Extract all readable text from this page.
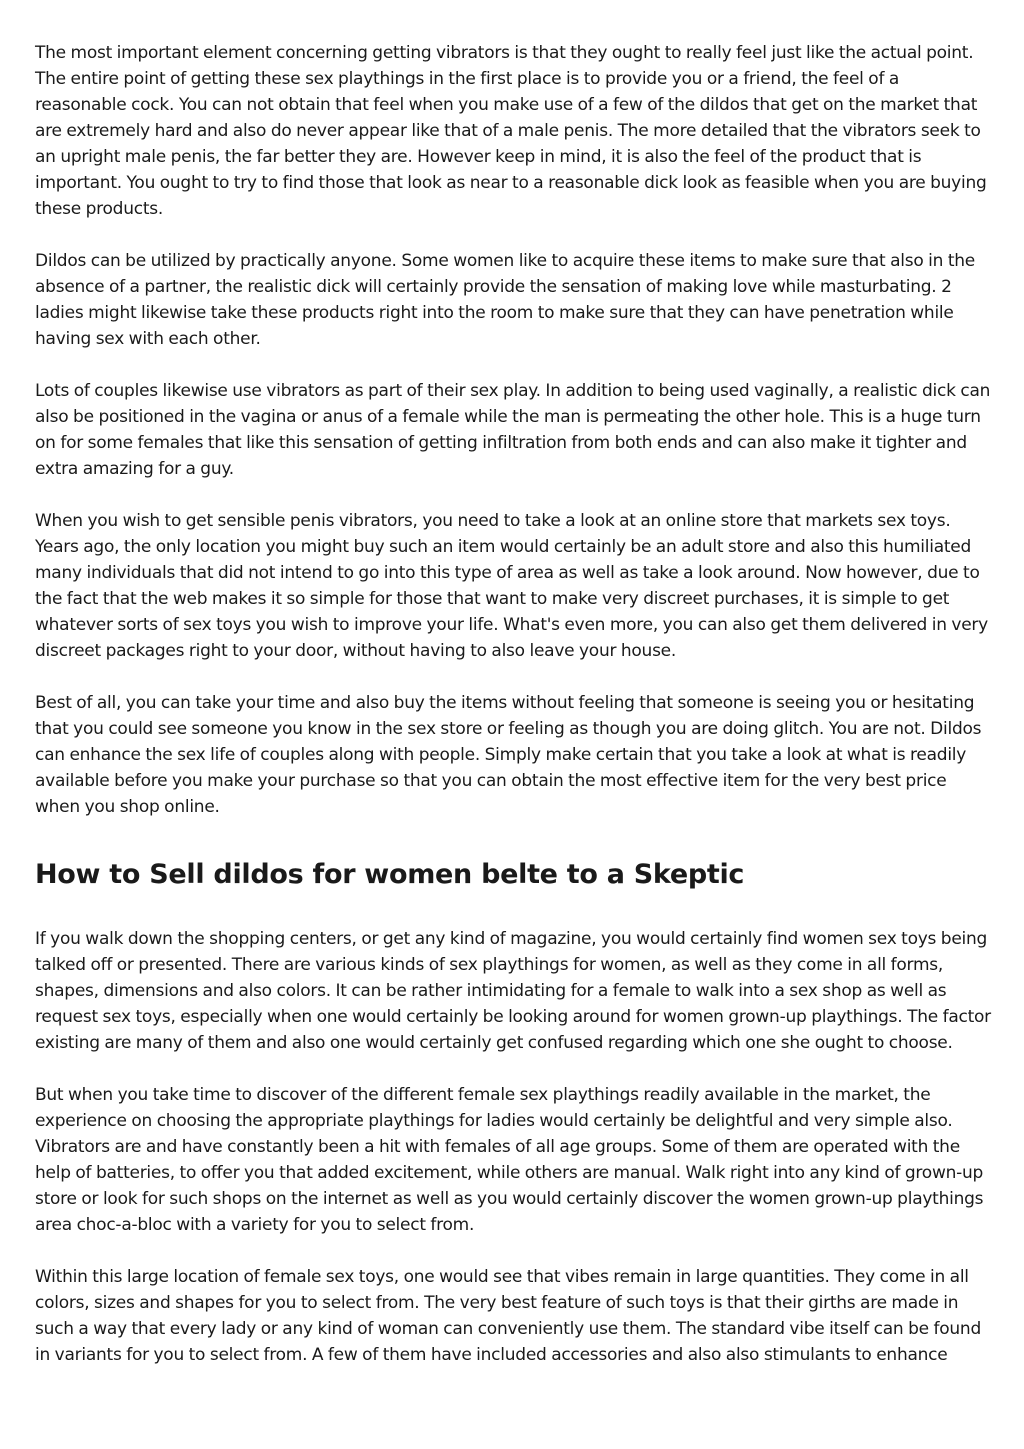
The most important element concerning getting vibrators is that they ought to really feel just like the actual point. The entire point of getting these sex playthings in the first place is to provide you or a friend, the feel of a reasonable cock. You can not obtain that feel when you make use of a few of the dildos that get on the market that are extremely hard and also do never appear like that of a male penis. The more detailed that the vibrators seek to an upright male penis, the far better they are. However keep in mind, it is also the feel of the product that is important. You ought to try to find those that look as near to a reasonable dick look as feasible when you are buying these products.

Dildos can be utilized by practically anyone. Some women like to acquire these items to make sure that also in the absence of a partner, the realistic dick will certainly provide the sensation of making love while masturbating. 2 ladies might likewise take these products right into the room to make sure that they can have penetration while having sex with each other.

Lots of couples likewise use vibrators as part of their sex play. In addition to being used vaginally, a realistic dick can also be positioned in the vagina or anus of a female while the man is permeating the other hole. This is a huge turn on for some females that like this sensation of getting infiltration from both ends and can also make it tighter and extra amazing for a guy.

When you wish to get sensible penis vibrators, you need to take a look at an online store that markets sex toys. Years ago, the only location you might buy such an item would certainly be an adult store and also this humiliated many individuals that did not intend to go into this type of area as well as take a look around. Now however, due to the fact that the web makes it so simple for those that want to make very discreet purchases, it is simple to get whatever sorts of sex toys you wish to improve your life. What's even more, you can also get them delivered in very discreet packages right to your door, without having to also leave your house.

Best of all, you can take your time and also buy the items without feeling that someone is seeing you or hesitating that you could see someone you know in the sex store or feeling as though you are doing glitch. You are not. Dildos can enhance the sex life of couples along with people. Simply make certain that you take a look at what is readily available before you make your purchase so that you can obtain the most effective item for the very best price when you shop online.

How to Sell dildos for women belte to a Skeptic

If you walk down the shopping centers, or get any kind of magazine, you would certainly find women sex toys being talked off or presented. There are various kinds of sex playthings for women, as well as they come in all forms, shapes, dimensions and also colors. It can be rather intimidating for a female to walk into a sex shop as well as request sex toys, especially when one would certainly be looking around for women grown-up playthings. The factor existing are many of them and also one would certainly get confused regarding which one she ought to choose.

But when you take time to discover of the different female sex playthings readily available in the market, the experience on choosing the appropriate playthings for ladies would certainly be delightful and very simple also. Vibrators are and have constantly been a hit with females of all age groups. Some of them are operated with the help of batteries, to offer you that added excitement, while others are manual. Walk right into any kind of grown-up store or look for such shops on the internet as well as you would certainly discover the women grown-up playthings area choc-a-bloc with a variety for you to select from.

Within this large location of female sex toys, one would see that vibes remain in large quantities. They come in all colors, sizes and shapes for you to select from. The very best feature of such toys is that their girths are made in such a way that every lady or any kind of woman can conveniently use them. The standard vibe itself can be found in variants for you to select from. A few of them have included accessories and also also stimulants to enhance
